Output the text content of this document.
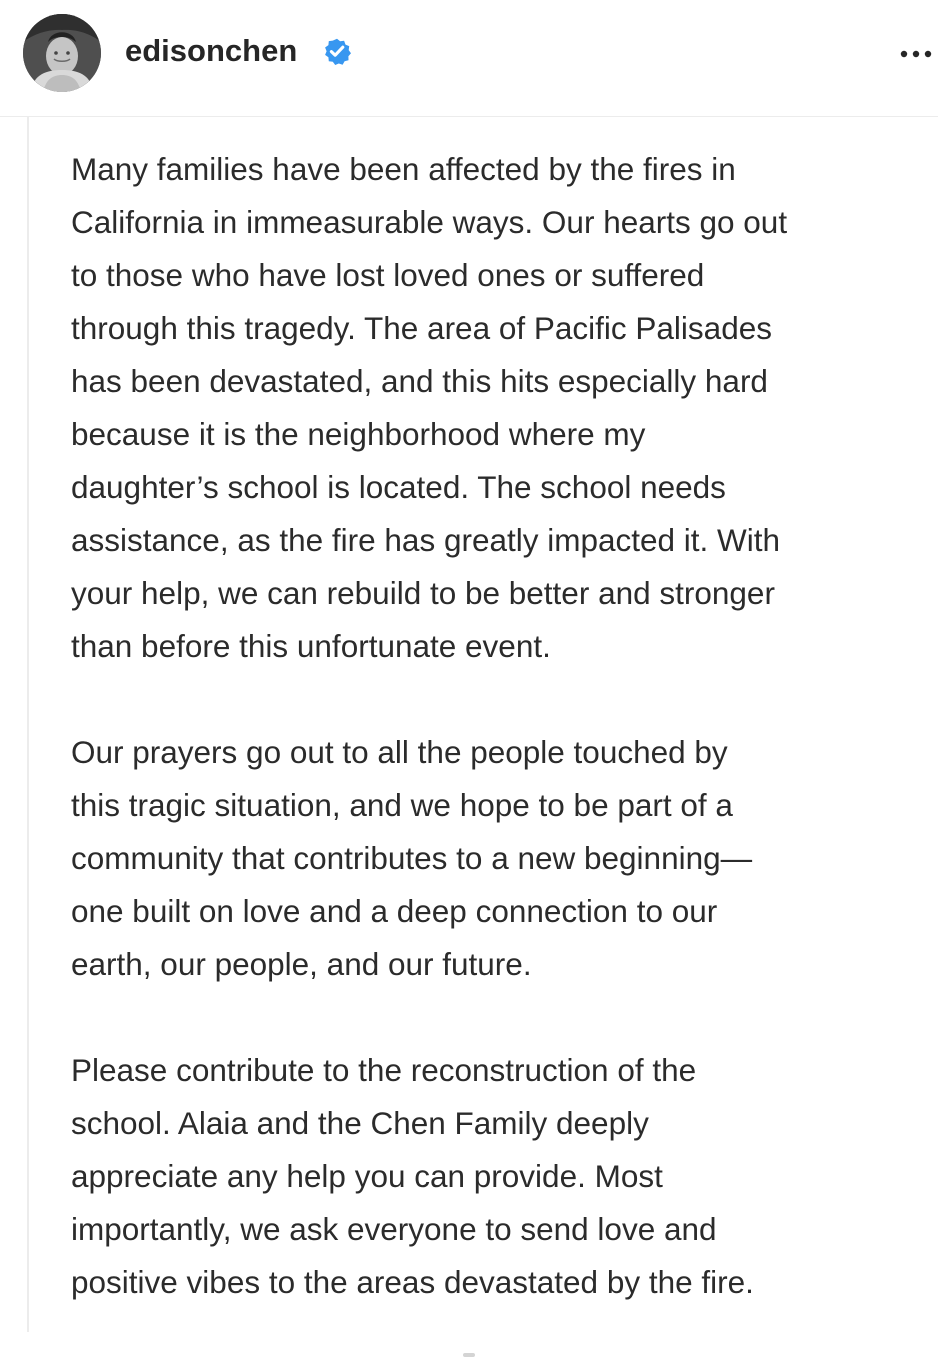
edisonchen

Many families have been affected by the fires in
California in immeasurable ways. Our hearts go out
to those who have lost loved ones or suffered
through this tragedy. The area of Pacific Palisades
has been devastated, and this hits especially hard
because it is the neighborhood where my
daughter’s school is located. The school needs
assistance, as the fire has greatly impacted it. With
your help, we can rebuild to be better and stronger
than before this unfortunate event.

Our prayers go out to all the people touched by
this tragic situation, and we hope to be part of a
community that contributes to a new beginning—
one built on love and a deep connection to our
earth, our people, and our future.

Please contribute to the reconstruction of the
school. Alaia and the Chen Family deeply
appreciate any help you can provide. Most
importantly, we ask everyone to send love and
positive vibes to the areas devastated by the fire.
